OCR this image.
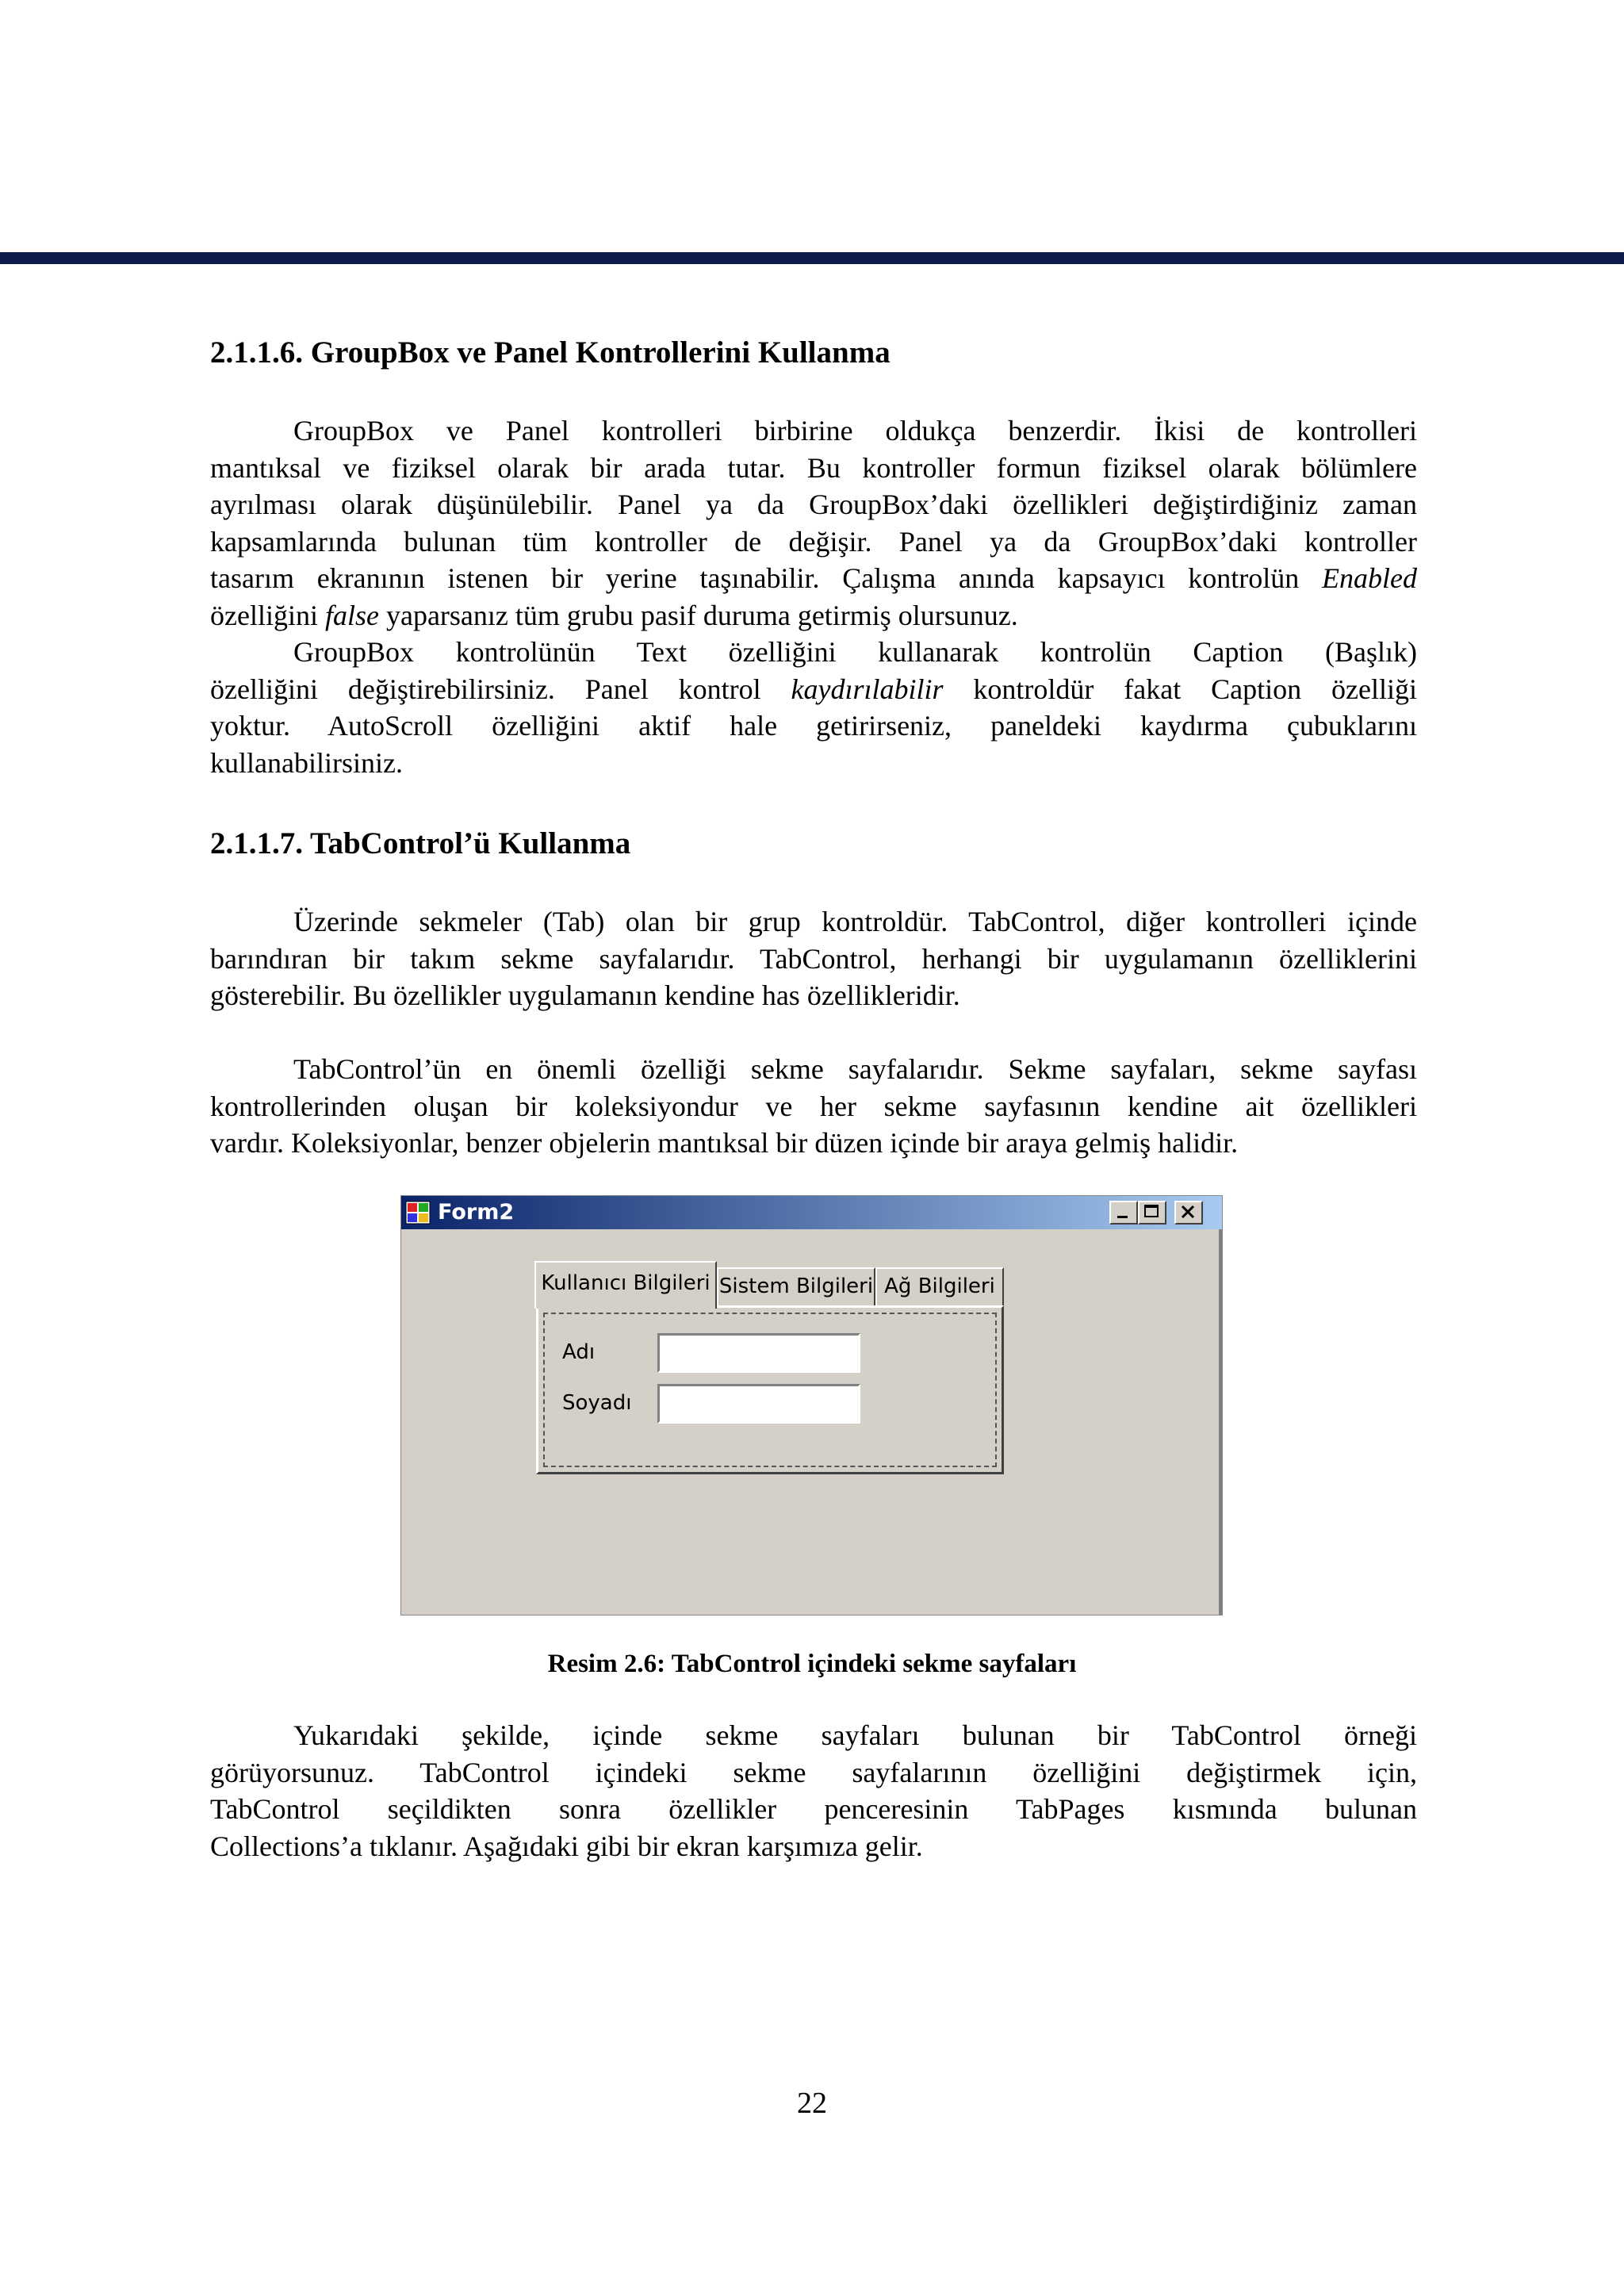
2.1.1.6. GroupBox ve Panel Kontrollerini Kullanma
GroupBox ve Panel kontrolleri birbirine oldukça benzerdir. İkisi de kontrolleri
mantıksal ve fiziksel olarak bir arada tutar. Bu kontroller formun fiziksel olarak bölümlere
ayrılması olarak düşünülebilir. Panel ya da GroupBox’daki özellikleri değiştirdiğiniz zaman
kapsamlarında bulunan tüm kontroller de değişir. Panel ya da GroupBox’daki kontroller
tasarım ekranının istenen bir yerine taşınabilir. Çalışma anında kapsayıcı kontrolün Enabled
özelliğini false yaparsanız tüm grubu pasif duruma getirmiş olursunuz.
GroupBox kontrolünün Text özelliğini kullanarak kontrolün Caption (Başlık)
özelliğini değiştirebilirsiniz. Panel kontrol kaydırılabilir kontroldür fakat Caption özelliği
yoktur. AutoScroll özelliğini aktif hale getirirseniz, paneldeki kaydırma çubuklarını
kullanabilirsiniz.
2.1.1.7. TabControl’ü Kullanma
Üzerinde sekmeler (Tab) olan bir grup kontroldür. TabControl, diğer kontrolleri içinde
barındıran bir takım sekme sayfalarıdır. TabControl, herhangi bir uygulamanın özelliklerini
gösterebilir. Bu özellikler uygulamanın kendine has özellikleridir.
TabControl’ün en önemli özelliği sekme sayfalarıdır. Sekme sayfaları, sekme sayfası
kontrollerinden oluşan bir koleksiyondur ve her sekme sayfasının kendine ait özellikleri
vardır. Koleksiyonlar, benzer objelerin mantıksal bir düzen içinde bir araya gelmiş halidir.
Form2
Kullanıcı Bilgileri Sistem Bilgileri Ağ Bilgileri
Adı
Soyadı

Resim 2.6: TabControl içindeki sekme sayfaları

Yukarıdaki şekilde, içinde sekme sayfaları bulunan bir TabControl örneği
görüyorsunuz. TabControl içindeki sekme sayfalarının özelliğini değiştirmek için,
TabControl seçildikten sonra özellikler penceresinin TabPages kısmında bulunan
Collections’a tıklanır. Aşağıdaki gibi bir ekran karşımıza gelir.

22
